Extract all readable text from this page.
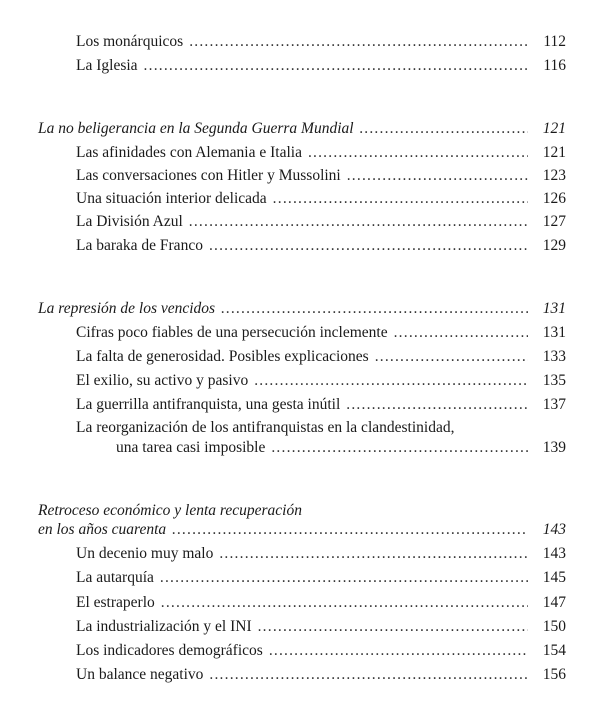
Los monárquicos .....	112
La Iglesia .....	116
La no beligerancia en la Segunda Guerra Mundial .....	121
Las afinidades con Alemania e Italia .....	121
Las conversaciones con Hitler y Mussolini .....	123
Una situación interior delicada .....	126
La División Azul .....	127
La baraka de Franco .....	129
La represión de los vencidos .....	131
Cifras poco fiables de una persecución inclemente .....	131
La falta de generosidad. Posibles explicaciones .....	133
El exilio, su activo y pasivo .....	135
La guerrilla antifranquista, una gesta inútil .....	137
La reorganización de los antifranquistas en la clandestinidad,
una tarea casi imposible .....	139
Retroceso económico y lenta recuperación
en los años cuarenta .....	143
Un decenio muy malo .....	143
La autarquía .....	145
El estraperlo .....	147
La industrialización y el INI .....	150
Los indicadores demográficos .....	154
Un balance negativo .....	156
